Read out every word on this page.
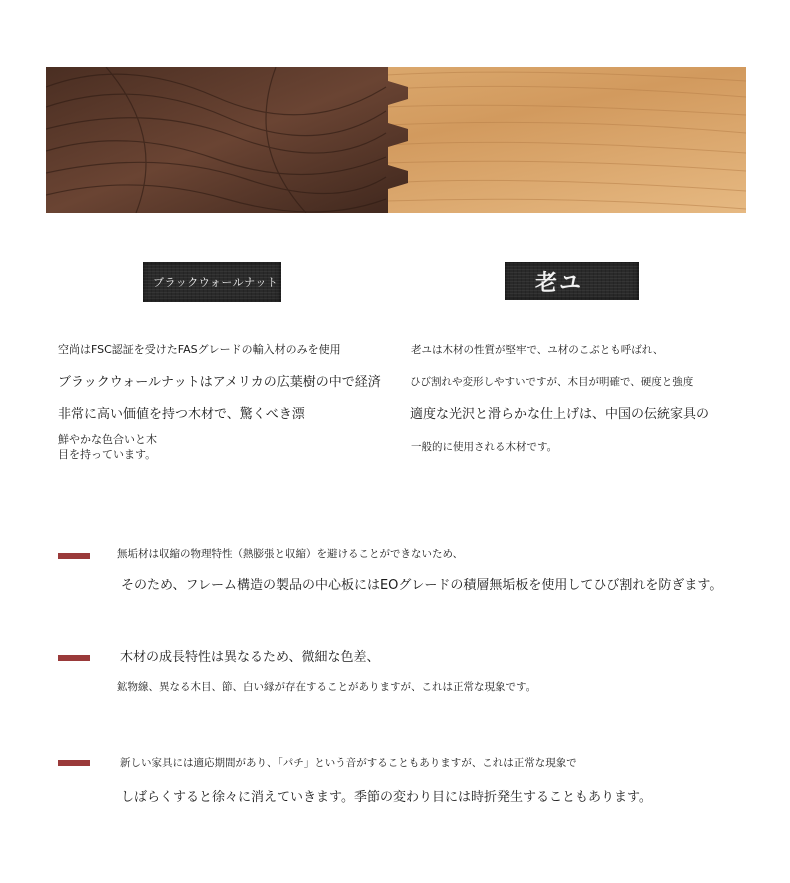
ブラックウォールナット	老ユ
空尚はFSC認証を受けたFASグレードの輸入材のみを使用
ブラックウォールナットはアメリカの広葉樹の中で経済
非常に高い価値を持つ木材で、驚くべき漂
鮮やかな色合いと木
目を持っています。
老ユは木材の性質が堅牢で、ユ材のこぶとも呼ばれ、
ひび割れや変形しやすいですが、木目が明確で、硬度と強度
適度な光沢と滑らかな仕上げは、中国の伝統家具の
一般的に使用される木材です。
無垢材は収縮の物理特性（熱膨張と収縮）を避けることができないため、
そのため、フレーム構造の製品の中心板にはEOグレードの積層無垢板を使用してひび割れを防ぎます。
木材の成長特性は異なるため、微細な色差、
鉱物線、異なる木目、節、白い縁が存在することがありますが、これは正常な現象です。
新しい家具には適応期間があり、「パチ」という音がすることもありますが、これは正常な現象で
しばらくすると徐々に消えていきます。季節の変わり目には時折発生することもあります。
